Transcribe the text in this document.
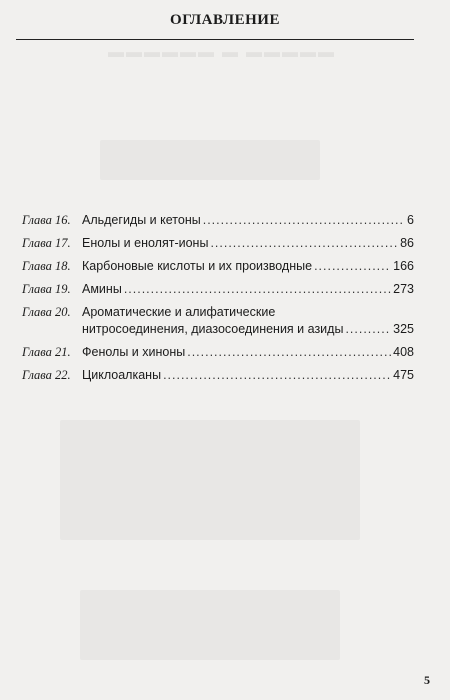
ОГЛАВЛЕНИЕ
▬▬▬▬▬ ▬ ▬▬▬▬▬▬
Глава 16. Альдегиды и кетоны .....	6
Глава 17. Енолы и енолят-ионы .....	86
Глава 18. Карбоновые кислоты и их производные .....	166
Глава 19. Амины .....	273
Глава 20. Ароматические и алифатические
нитросоединения, диазосоединения и азиды .....	325
Глава 21. Фенолы и хиноны .....	408
Глава 22. Циклоалканы .....	475
5
